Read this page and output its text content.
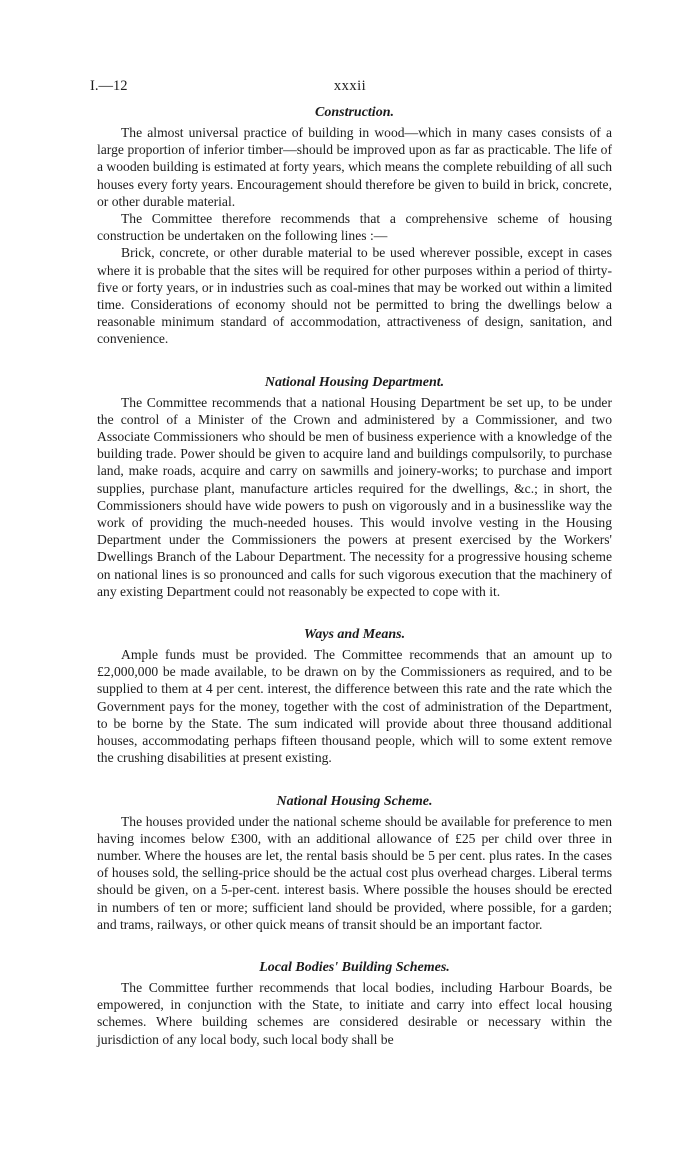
I.—12	xxxii
Construction.

The almost universal practice of building in wood—which in many cases consists of a large proportion of inferior timber—should be improved upon as far as practicable. The life of a wooden building is estimated at forty years, which means the complete rebuilding of all such houses every forty years. Encouragement should therefore be given to build in brick, concrete, or other durable material.

The Committee therefore recommends that a comprehensive scheme of housing construction be undertaken on the following lines :—

Brick, concrete, or other durable material to be used wherever possible, except in cases where it is probable that the sites will be required for other purposes within a period of thirty-five or forty years, or in industries such as coal-mines that may be worked out within a limited time. Considerations of economy should not be permitted to bring the dwellings below a reasonable minimum standard of accommodation, attractiveness of design, sanitation, and convenience.

National Housing Department.

The Committee recommends that a national Housing Department be set up, to be under the control of a Minister of the Crown and administered by a Commissioner, and two Associate Commissioners who should be men of business experience with a knowledge of the building trade. Power should be given to acquire land and buildings compulsorily, to purchase land, make roads, acquire and carry on sawmills and joinery-works; to purchase and import supplies, purchase plant, manufacture articles required for the dwellings, &c.; in short, the Commissioners should have wide powers to push on vigorously and in a businesslike way the work of providing the much-needed houses. This would involve vesting in the Housing Department under the Commissioners the powers at present exercised by the Workers' Dwellings Branch of the Labour Department. The necessity for a progressive housing scheme on national lines is so pronounced and calls for such vigorous execution that the machinery of any existing Department could not reasonably be expected to cope with it.

Ways and Means.

Ample funds must be provided. The Committee recommends that an amount up to £2,000,000 be made available, to be drawn on by the Commissioners as required, and to be supplied to them at 4 per cent. interest, the difference between this rate and the rate which the Government pays for the money, together with the cost of administration of the Department, to be borne by the State. The sum indicated will provide about three thousand additional houses, accommodating perhaps fifteen thousand people, which will to some extent remove the crushing disabilities at present existing.

National Housing Scheme.

The houses provided under the national scheme should be available for preference to men having incomes below £300, with an additional allowance of £25 per child over three in number. Where the houses are let, the rental basis should be 5 per cent. plus rates. In the cases of houses sold, the selling-price should be the actual cost plus overhead charges. Liberal terms should be given, on a 5-per-cent. interest basis. Where possible the houses should be erected in numbers of ten or more; sufficient land should be provided, where possible, for a garden; and trams, railways, or other quick means of transit should be an important factor.

Local Bodies' Building Schemes.

The Committee further recommends that local bodies, including Harbour Boards, be empowered, in conjunction with the State, to initiate and carry into effect local housing schemes. Where building schemes are considered desirable or necessary within the jurisdiction of any local body, such local body shall be
